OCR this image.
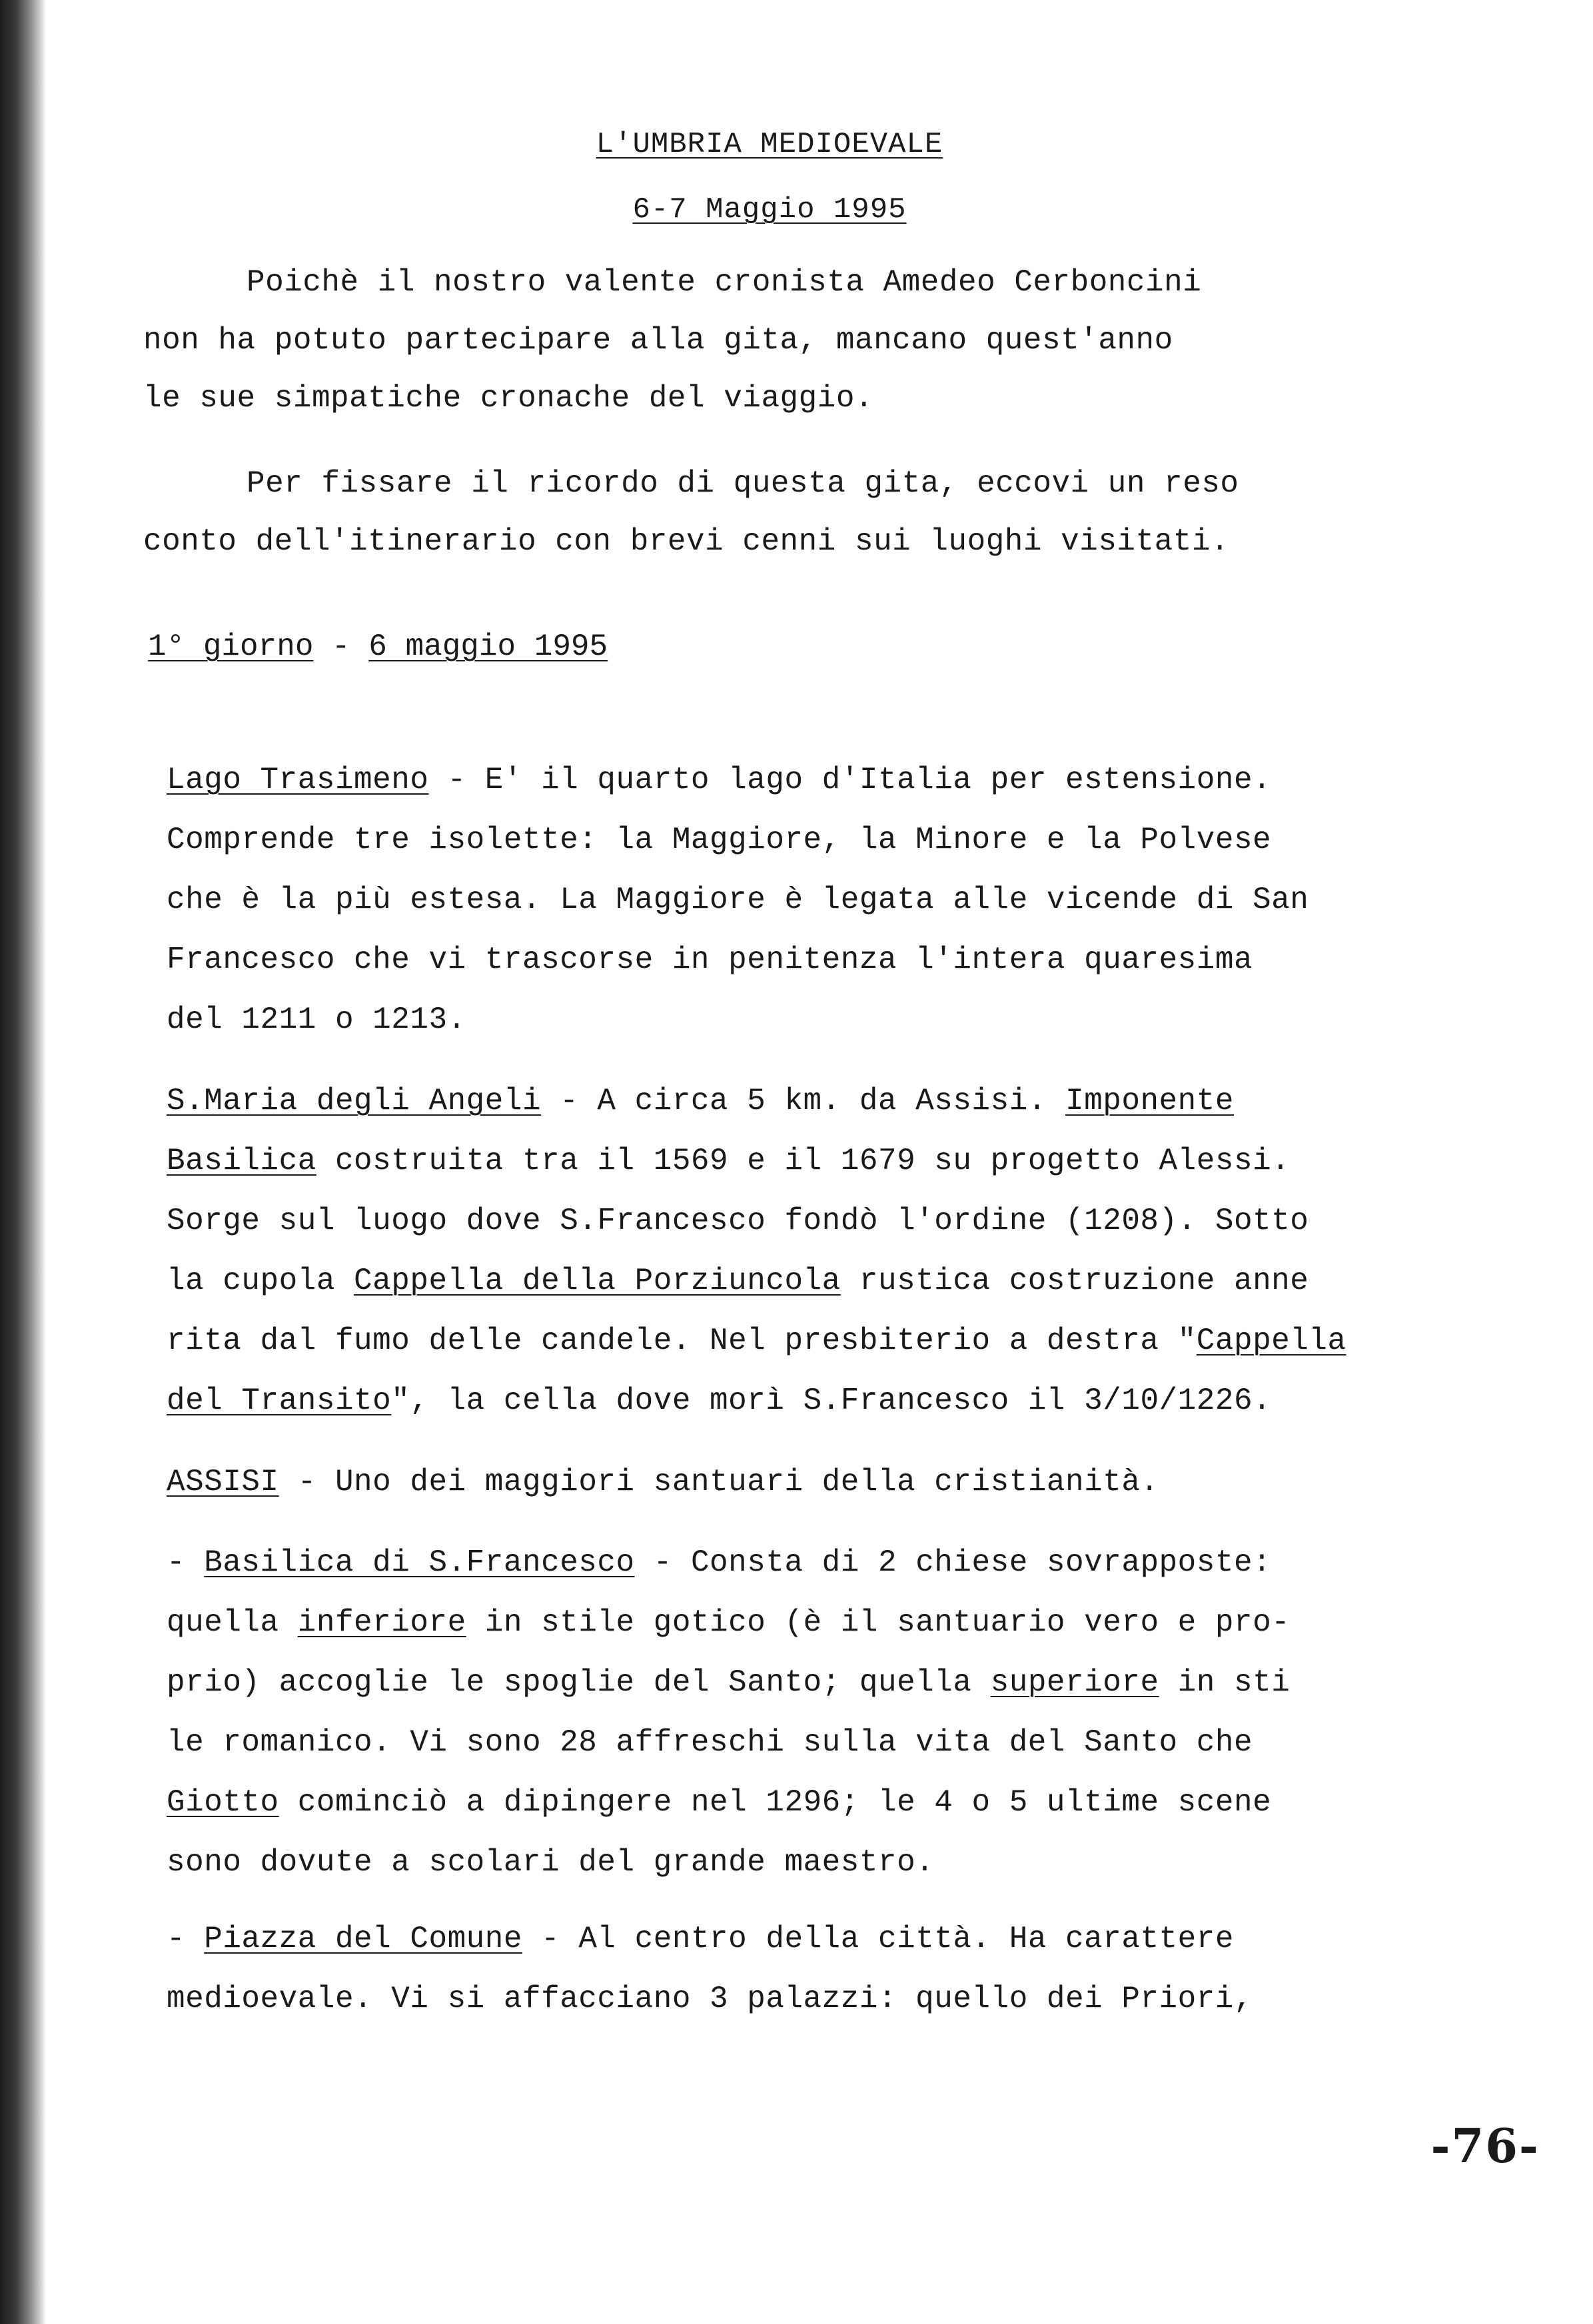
L'UMBRIA MEDIOEVALE
6-7 Maggio 1995
Poichè il nostro valente cronista Amedeo Cerboncini
non ha potuto partecipare alla gita, mancano quest'anno
le sue simpatiche cronache del viaggio.
Per fissare il ricordo di questa gita, eccovi un reso
conto dell'itinerario con brevi cenni sui luoghi visitati.
1° giorno - 6 maggio 1995
Lago Trasimeno - E' il quarto lago d'Italia per estensione.
Comprende tre isolette: la Maggiore, la Minore e la Polvese
che è la più estesa. La Maggiore è legata alle vicende di San
Francesco che vi trascorse in penitenza l'intera quaresima
del 1211 o 1213.
S.Maria degli Angeli - A circa 5 km. da Assisi. Imponente
Basilica costruita tra il 1569 e il 1679 su progetto Alessi.
Sorge sul luogo dove S.Francesco fondò l'ordine (1208). Sotto
la cupola Cappella della Porziuncola rustica costruzione anne
rita dal fumo delle candele. Nel presbiterio a destra "Cappella
del Transito", la cella dove morì S.Francesco il 3/10/1226.
ASSISI - Uno dei maggiori santuari della cristianità.
- Basilica di S.Francesco - Consta di 2 chiese sovrapposte:
quella inferiore in stile gotico (è il santuario vero e pro-
prio) accoglie le spoglie del Santo; quella superiore in sti
le romanico. Vi sono 28 affreschi sulla vita del Santo che
Giotto cominciò a dipingere nel 1296; le 4 o 5 ultime scene
sono dovute a scolari del grande maestro.
- Piazza del Comune - Al centro della città. Ha carattere
medioevale. Vi si affacciano 3 palazzi: quello dei Priori,
-76-
